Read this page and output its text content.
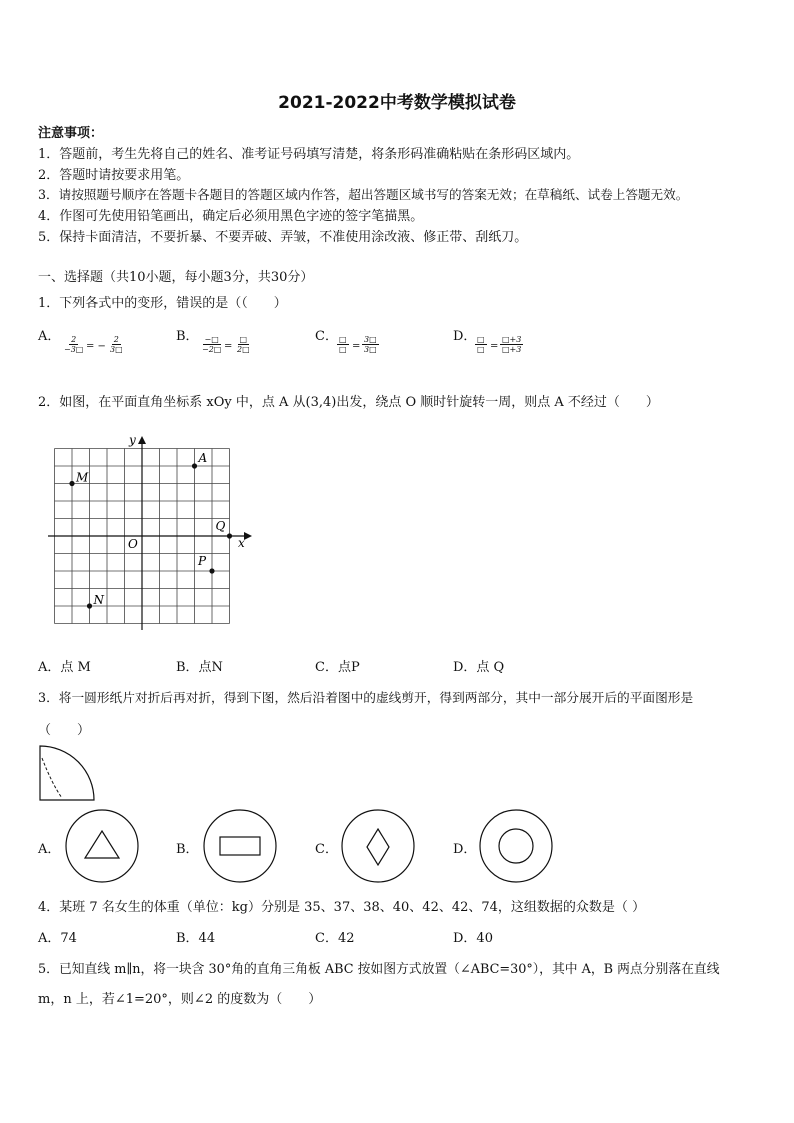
2021-2022中考数学模拟试卷
注意事项：
1．答题前，考生先将自己的姓名、准考证号码填写清楚，将条形码准确粘贴在条形码区域内。
2．答题时请按要求用笔。
3．请按照题号顺序在答题卡各题目的答题区域内作答，超出答题区域书写的答案无效；在草稿纸、试卷上答题无效。
4．作图可先使用铅笔画出，确定后必须用黑色字迹的签字笔描黑。
5．保持卡面清洁，不要折暴、不要弄破、弄皱，不准使用涂改液、修正带、刮纸刀。
一、选择题（共10小题，每小题3分，共30分）
1．下列各式中的变形，错误的是（（　　）
A． $\frac{2}{-3□}$ = − $\frac{2}{3□}$	B． −□
−2□ =
□
2□
C． □
□ = $\frac{3□}{3□}$	D． □
□ = $\frac{□+3}{□+3}$
2．如图，在平面直角坐标系 xOy 中，点 A 从(3,4)出发，绕点 O 顺时针旋转一周，则点 A 不经过（　　）
x
y
O
A
M
Q
P
N
A．点 M	B．点N	C．点P	D．点 Q
3．将一圆形纸片对折后再对折，得到下图，然后沿着图中的虚线剪开，得到两部分，其中一部分展开后的平面图形是
（　　）
A．	B．	C．	D．
4．某班 7 名女生的体重（单位：kg）分别是 35、37、38、40、42、42、74，这组数据的众数是（ ）
A．74	B．44	C．42	D．40
5．已知直线 m∥n，将一块含 30°角的直角三角板 ABC 按如图方式放置（∠ABC=30°），其中 A，B 两点分别落在直线
m，n 上，若∠1=20°，则∠2 的度数为（　　）
